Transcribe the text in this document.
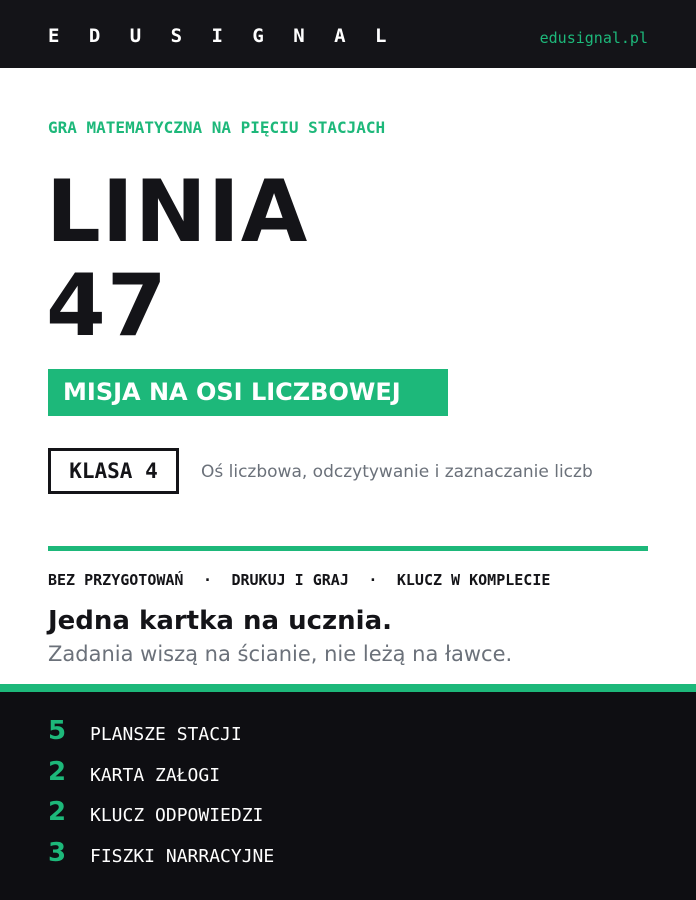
E D U S I G N A L	edusignal.pl
GRA MATEMATYCZNA NA PIĘCIU STACJACH
LINIA
47
MISJA NA OSI LICZBOWEJ
KLASA 4	Oś liczbowa, odczytywanie i zaznaczanie liczb
BEZ PRZYGOTOWAŃ · DRUKUJ I GRAJ · KLUCZ W KOMPLECIE
Jedna kartka na ucznia.
Zadania wiszą na ścianie, nie leżą na ławce.
5 PLANSZE STACJI
2 KARTA ZAŁOGI
2 KLUCZ ODPOWIEDZI
3 FISZKI NARRACYJNE
